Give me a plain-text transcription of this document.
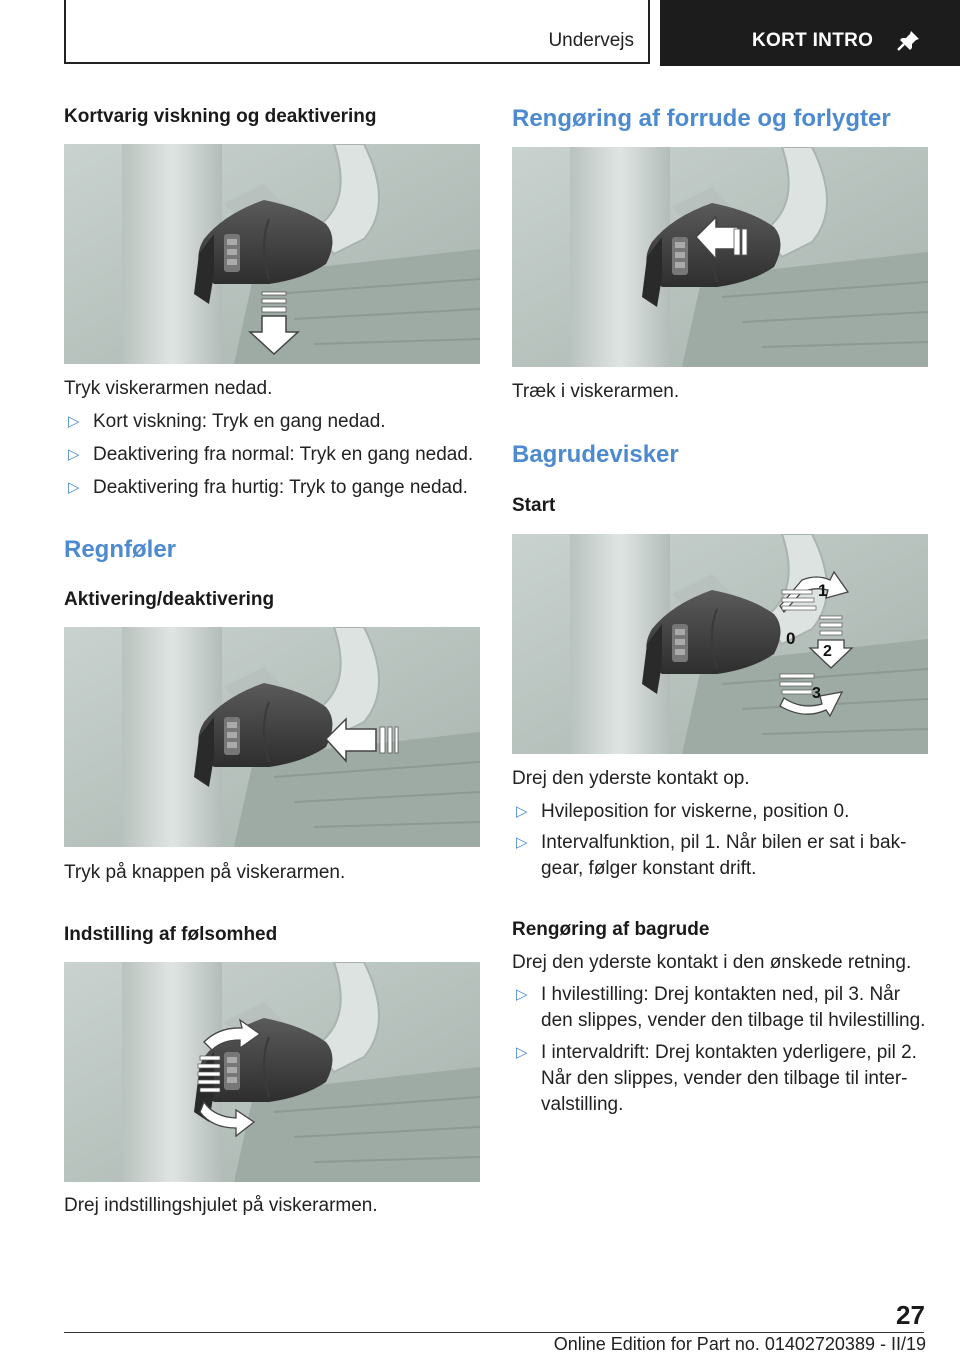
Undervejs	KORT INTRO
Kortvarig viskning og deaktivering
Tryk viskerarmen nedad.
▷ Kort viskning: Tryk en gang nedad.
▷ Deaktivering fra normal: Tryk en gang nedad.
▷ Deaktivering fra hurtig: Tryk to gange nedad.
Regnføler
Aktivering/deaktivering
Tryk på knappen på viskerarmen.
Indstilling af følsomhed
Drej indstillingshjulet på viskerarmen.
Rengøring af forrude og forlygter
Træk i viskerarmen.
Bagrudevisker
Start
1
0
2
3
Drej den yderste kontakt op.
▷ Hvileposition for viskerne, position 0.
▷ Intervalfunktion, pil 1. Når bilen er sat i bak-
gear, følger konstant drift.
Rengøring af bagrude
Drej den yderste kontakt i den ønskede retning.
▷ I hvilestilling: Drej kontakten ned, pil 3. Når
den slippes, vender den tilbage til hvilestilling.
▷ I intervaldrift: Drej kontakten yderligere, pil 2.
Når den slippes, vender den tilbage til inter-
valstilling.
27
Online Edition for Part no. 01402720389 - II/19
